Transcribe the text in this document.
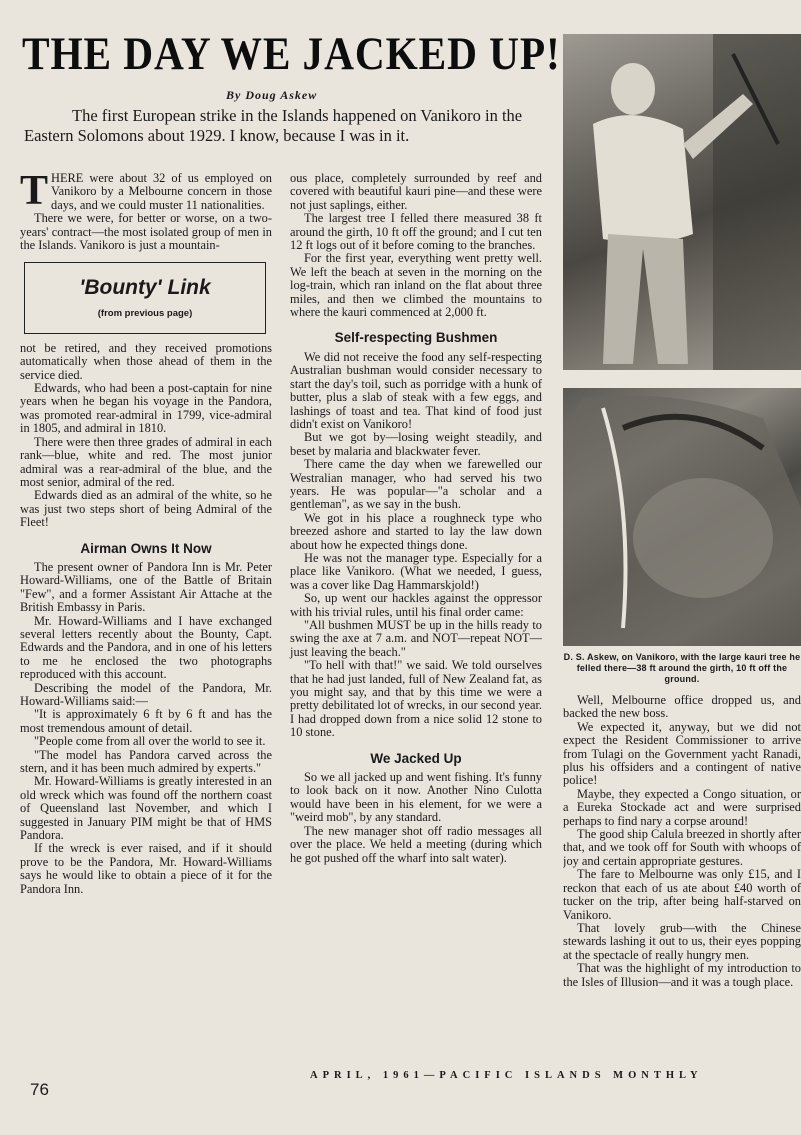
THE DAY WE JACKED UP!
By Doug Askew
The first European strike in the Islands happened on Vanikoro in the Eastern Solomons about 1929. I know, because I was in it.

THERE were about 32 of us employed on Vanikoro by a Melbourne concern in those days, and we could muster 11 nationalities.

There we were, for better or worse, on a two-years' contract—the most isolated group of men in the Islands. Vanikoro is just a mountain-

'Bounty' Link
(from previous page)

not be retired, and they received promotions automatically when those ahead of them in the service died.

Edwards, who had been a post-captain for nine years when he began his voyage in the Pandora, was promoted rear-admiral in 1799, vice-admiral in 1805, and admiral in 1810.

There were then three grades of admiral in each rank—blue, white and red. The most junior admiral was a rear-admiral of the blue, and the most senior, admiral of the red.

Edwards died as an admiral of the white, so he was just two steps short of being Admiral of the Fleet!

Airman Owns It Now

The present owner of Pandora Inn is Mr. Peter Howard-Williams, one of the Battle of Britain "Few", and a former Assistant Air Attache at the British Embassy in Paris.

Mr. Howard-Williams and I have exchanged several letters recently about the Bounty, Capt. Edwards and the Pandora, and in one of his letters to me he enclosed the two photographs reproduced with this account.

Describing the model of the Pandora, Mr. Howard-Williams said:—

"It is approximately 6 ft by 6 ft and has the most tremendous amount of detail.

"People come from all over the world to see it.

"The model has Pandora carved across the stern, and it has been much admired by experts."

Mr. Howard-Williams is greatly interested in an old wreck which was found off the northern coast of Queensland last November, and which I suggested in January PIM might be that of HMS Pandora.

If the wreck is ever raised, and if it should prove to be the Pandora, Mr. Howard-Williams says he would like to obtain a piece of it for the Pandora Inn.

ous place, completely surrounded by reef and covered with beautiful kauri pine—and these were not just saplings, either.

The largest tree I felled there measured 38 ft around the girth, 10 ft off the ground; and I cut ten 12 ft logs out of it before coming to the branches.

For the first year, everything went pretty well. We left the beach at seven in the morning on the log-train, which ran inland on the flat about three miles, and then we climbed the mountains to where the kauri commenced at 2,000 ft.

Self-respecting Bushmen

We did not receive the food any self-respecting Australian bushman would consider necessary to start the day's toil, such as porridge with a hunk of butter, plus a slab of steak with a few eggs, and lashings of toast and tea. That kind of food just didn't exist on Vanikoro!

But we got by—losing weight steadily, and beset by malaria and blackwater fever.

There came the day when we farewelled our Westralian manager, who had served his two years. He was popular—"a scholar and a gentleman", as we say in the bush.

We got in his place a roughneck type who breezed ashore and started to lay the law down about how he expected things done.

He was not the manager type. Especially for a place like Vanikoro. (What we needed, I guess, was a cover like Dag Hammarskjold!)

So, up went our hackles against the oppressor with his trivial rules, until his final order came:

"All bushmen MUST be up in the hills ready to swing the axe at 7 a.m. and NOT—repeat NOT—just leaving the beach."

"To hell with that!" we said. We told ourselves that he had just landed, full of New Zealand fat, as you might say, and that by this time we were a pretty debilitated lot of wrecks, in our second year. I had dropped down from a nice solid 12 stone to 10 stone.

We Jacked Up

So we all jacked up and went fishing. It's funny to look back on it now. Another Nino Culotta would have been in his element, for we were a "weird mob", by any standard.

The new manager shot off radio messages all over the place. We held a meeting (during which he got pushed off the wharf into salt water).

D. S. Askew, on Vanikoro, with the large kauri tree he felled there—38 ft around the girth, 10 ft off the ground.

Well, Melbourne office dropped us, and backed the new boss.

We expected it, anyway, but we did not expect the Resident Commissioner to arrive from Tulagi on the Government yacht Ranadi, plus his offsiders and a contingent of native police!

Maybe, they expected a Congo situation, or a Eureka Stockade act and were surprised perhaps to find nary a corpse around!

The good ship Calula breezed in shortly after that, and we took off for South with whoops of joy and certain appropriate gestures.

The fare to Melbourne was only £15, and I reckon that each of us ate about £40 worth of tucker on the trip, after being half-starved on Vanikoro.

That lovely grub—with the Chinese stewards lashing it out to us, their eyes popping at the spectacle of really hungry men.

That was the highlight of my introduction to the Isles of Illusion—and it was a tough place.

APRIL, 1961—PACIFIC ISLANDS MONTHLY
76
